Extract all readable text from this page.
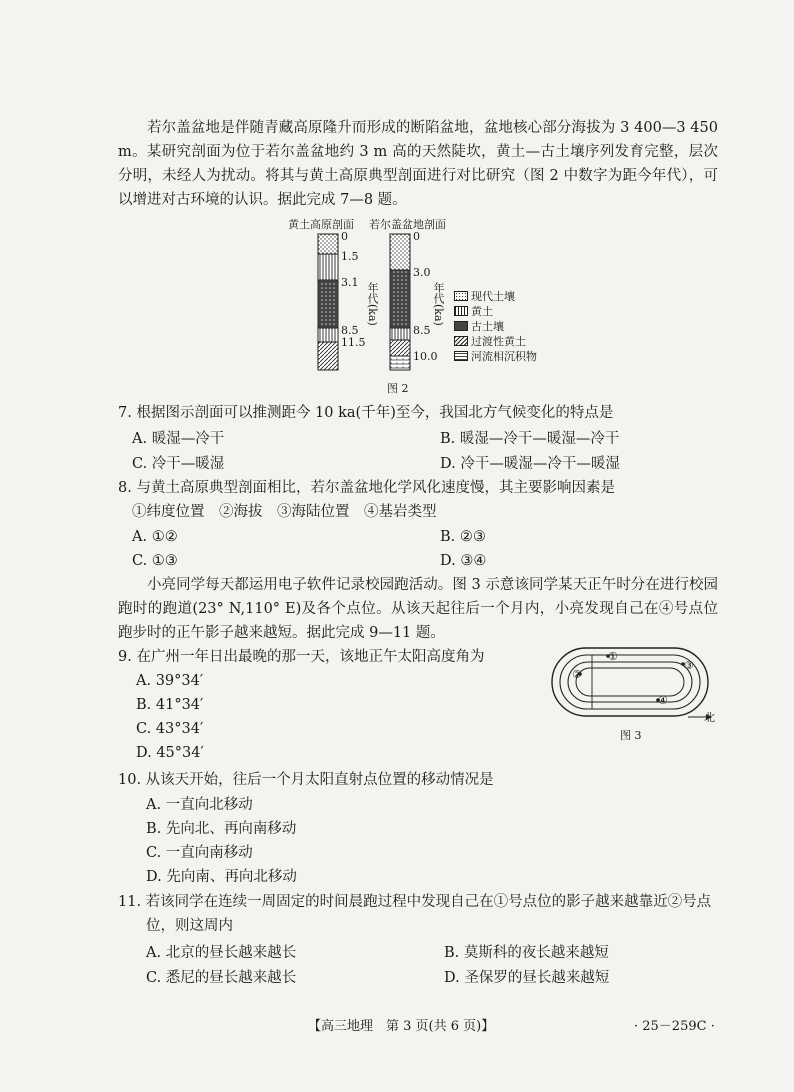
若尔盖盆地是伴随青藏高原隆升而形成的断陷盆地，盆地核心部分海拔为 3 400—3 450 m。某研究剖面为位于若尔盖盆地约 3 m 高的天然陡坎，黄土—古土壤序列发育完整，层次分明，未经人为扰动。将其与黄土高原典型剖面进行对比研究（图 2 中数字为距今年代），可以增进对古环境的认识。据此完成 7—8 题。
黄土高原剖面 若尔盖盆地剖面
0
1.5
3.1
8.5
11.5
0
3.0
8.5
10.0
年代(ka)	年代(ka) 现代土壤
黄土
古土壤
过渡性黄土
河流相沉积物
图 2
7. 根据图示剖面可以推测距今 10 ka(千年)至今，我国北方气候变化的特点是
A. 暖湿—冷干	B. 暖湿—冷干—暖湿—冷干
C. 冷干—暖湿	D. 冷干—暖湿—冷干—暖湿
8. 与黄土高原典型剖面相比，若尔盖盆地化学风化速度慢，其主要影响因素是
①纬度位置　②海拔　③海陆位置　④基岩类型
A. ①②	B. ②③
C. ①③	D. ③④
小亮同学每天都运用电子软件记录校园跑活动。图 3 示意该同学某天正午时分在进行校园跑时的跑道(23° N,110° E)及各个点位。从该天起往后一个月内，小亮发现自己在④号点位跑步时的正午影子越来越短。据此完成 9—11 题。
9. 在广州一年日出最晚的那一天，该地正午太阳高度角为
A. 39°34′
B. 41°34′
C. 43°34′
D. 45°34′
①
②
③
④
北
图 3
10. 从该天开始，往后一个月太阳直射点位置的移动情况是
A. 一直向北移动
B. 先向北、再向南移动
C. 一直向南移动
D. 先向南、再向北移动
11. 若该同学在连续一周固定的时间晨跑过程中发现自己在①号点位的影子越来越靠近②号点
位，则这周内
A. 北京的昼长越来越长	B. 莫斯科的夜长越来越短
C. 悉尼的昼长越来越长	D. 圣保罗的昼长越来越短
【高三地理　第 3 页(共 6 页)】	· 25－259C ·
